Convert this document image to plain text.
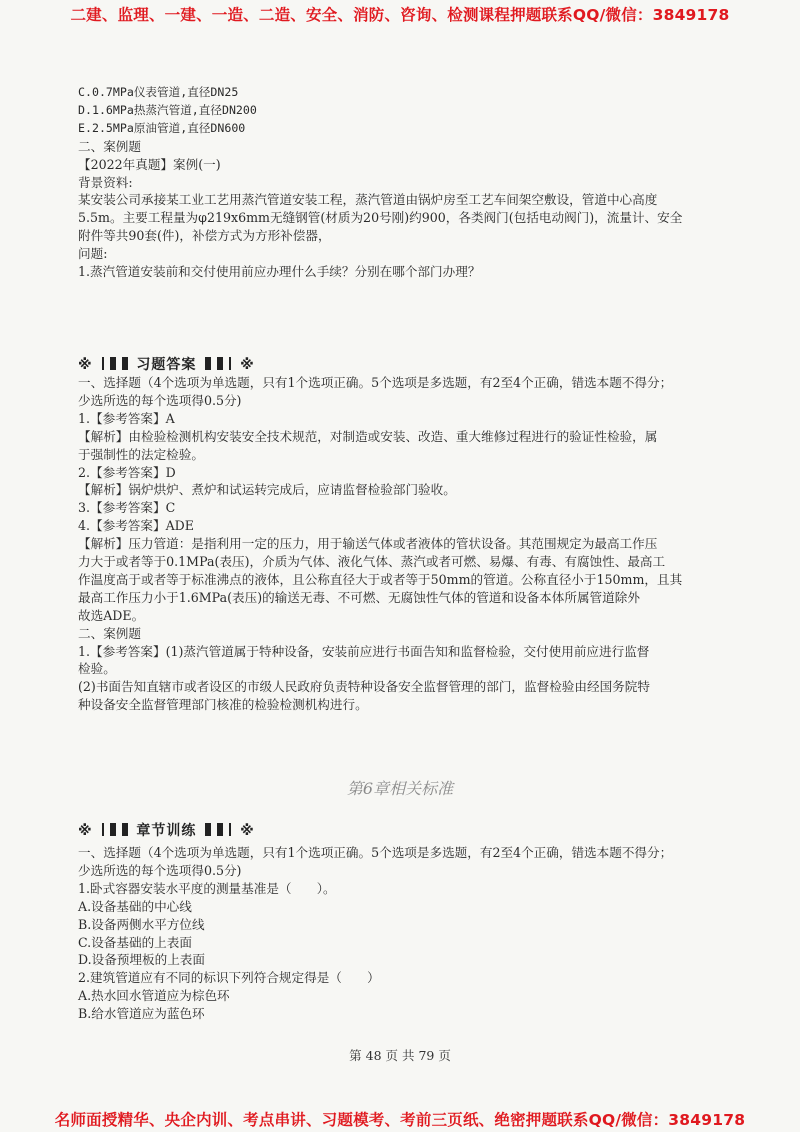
二建、监理、一建、一造、二造、安全、消防、咨询、检测课程押题联系QQ/微信：3849178
C.0.7MPa仪表管道,直径DN25
D.1.6MPa热蒸汽管道,直径DN200
E.2.5MPa原油管道,直径DN600
二、案例题
【2022年真题】案例(一)
背景资料:
某安装公司承接某工业工艺用蒸汽管道安装工程，蒸汽管道由锅炉房至工艺车间架空敷设，管道中心高度
5.5m。主要工程量为φ219x6mm无缝钢管(材质为20号刚)约900，各类阀门(包括电动阀门)，流量计、安全
附件等共90套(件)，补偿方式为方形补偿器，
问题:
1.蒸汽管道安装前和交付使用前应办理什么手续？分别在哪个部门办理？
※	习题答案	※
一、选择题（4个选项为单选题，只有1个选项正确。5个选项是多选题，有2至4个正确，错选本题不得分；
少选所选的每个选项得0.5分)
1.【参考答案】A
【解析】由检验检测机构安装安全技术规范，对制造或安装、改造、重大维修过程进行的验证性检验，属
于强制性的法定检验。
2.【参考答案】D
【解析】锅炉烘炉、煮炉和试运转完成后，应请监督检验部门验收。
3.【参考答案】C
4.【参考答案】ADE
【解析】压力管道：是指利用一定的压力，用于输送气体或者液体的管状设备。其范围规定为最高工作压
力大于或者等于0.1MPa(表压)，介质为气体、液化气体、蒸汽或者可燃、易爆、有毒、有腐蚀性、最高工
作温度高于或者等于标准沸点的液体，且公称直径大于或者等于50mm的管道。公称直径小于150mm，且其
最高工作压力小于1.6MPa(表压)的输送无毒、不可燃、无腐蚀性气体的管道和设备本体所属管道除外
故选ADE。
二、案例题
1.【参考答案】(1)蒸汽管道属于特种设备，安装前应进行书面告知和监督检验，交付使用前应进行监督
检验。
(2)书面告知直辖市或者设区的市级人民政府负责特种设备安全监督管理的部门，监督检验由经国务院特
种设备安全监督管理部门核准的检验检测机构进行。
第6章相关标准
※	章节训练	※
一、选择题（4个选项为单选题，只有1个选项正确。5个选项是多选题，有2至4个正确，错选本题不得分；
少选所选的每个选项得0.5分)
1.卧式容器安装水平度的测量基准是（　　）。
A.设备基础的中心线
B.设备两侧水平方位线
C.设备基础的上表面
D.设备预埋板的上表面
2.建筑管道应有不同的标识下列符合规定得是（　　）
A.热水回水管道应为棕色环
B.给水管道应为蓝色环
第 48 页 共 79 页
名师面授精华、央企内训、考点串讲、习题模考、考前三页纸、绝密押题联系QQ/微信：3849178
